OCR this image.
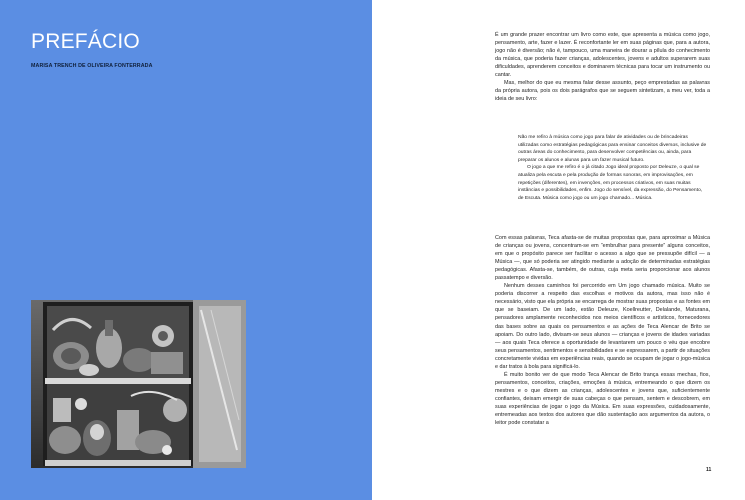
PREFÁCIO
MARISA TRENCH DE OLIVEIRA FONTERRADA

É um grande prazer encontrar um livro como este, que apresenta a música como jogo, pensamento, arte, fazer e lazer. É reconfortante ler em suas páginas que, para a autora, jogo não é diversão; não é, tampouco, uma maneira de dourar a pílula do conhecimento da música, que poderia fazer crianças, adolescentes, jovens e adultos superarem suas dificuldades, aprenderem conceitos e dominarem técnicas para tocar um instrumento ou cantar.

Mas, melhor do que eu mesma falar desse assunto, peço emprestadas as palavras da própria autora, pois os dois parágrafos que se seguem sintetizam, a meu ver, toda a ideia de seu livro:

Não me refiro à música como jogo para falar de atividades ou de brincadeiras utilizadas como estratégias pedagógicas para ensinar conceitos diversos, inclusive de outras áreas do conhecimento, para desenvolver competências ou, ainda, para preparar os alunos e alunas para um fazer musical futuro.

O jogo a que me refiro é o já citado Jogo ideal proposto por Deleuze, o qual se atualiza pela escuta e pela produção de formas sonoras, em improvisações, em repetições (diferentes), em invenções, em processos criativos, em suas muitas instâncias e possibilidades, enfim. Jogo do sensível, da expressão, do Pensamento, de Escuta. Música como jogo ou um jogo chamado... Música.

Com essas palavras, Teca afasta-se de muitas propostas que, para aproximar a Música de crianças ou jovens, concentram-se em “embrulhar para presente” alguns conceitos, em que o propósito parece ser facilitar o acesso a algo que se pressupõe difícil — a Música —, que só poderia ser atingido mediante a adoção de determinadas estratégias pedagógicas. Afasta-se, também, de outras, cuja meta seria proporcionar aos alunos passatempo e diversão.

Nenhum desses caminhos foi percorrido em Um jogo chamado música. Muito se poderia discorrer a respeito das escolhas e motivos da autora, mas isso não é necessário, visto que ela própria se encarrega de mostrar suas propostas e as fontes em que se baseiam. De um lado, estão Deleuze, Koellreutter, Delalande, Maturana, pensadores amplamente reconhecidos nos meios científicos e artísticos, fornecedores das bases sobre as quais os pensamentos e as ações de Teca Alencar de Brito se apoiam. Do outro lado, divisam-se seus alunos — crianças e jovens de idades variadas — aos quais Teca oferece a oportunidade de levantarem um pouco o véu que encobre seus pensamentos, sentimentos e sensibilidades e se expressarem, a partir de situações concretamente vividas em experiências reais, quando se ocupam de jogar o jogo-música e dar tratos à bola para significá-lo.

É muito bonito ver de que modo Teca Alencar de Brito trança essas mechas, fios, pensamentos, conceitos, criações, emoções à música, entremeando o que dizem os mestres e o que dizem as crianças, adolescentes e jovens que, suficientemente confiantes, deixam emergir de suas cabeças o que pensam, sentem e descobrem, em suas experiências de jogar o jogo da Música. Em suas expressões, cuidadosamente, entremeadas aos textos dos autores que dão sustentação aos argumentos da autora, o leitor pode constatar a

11
